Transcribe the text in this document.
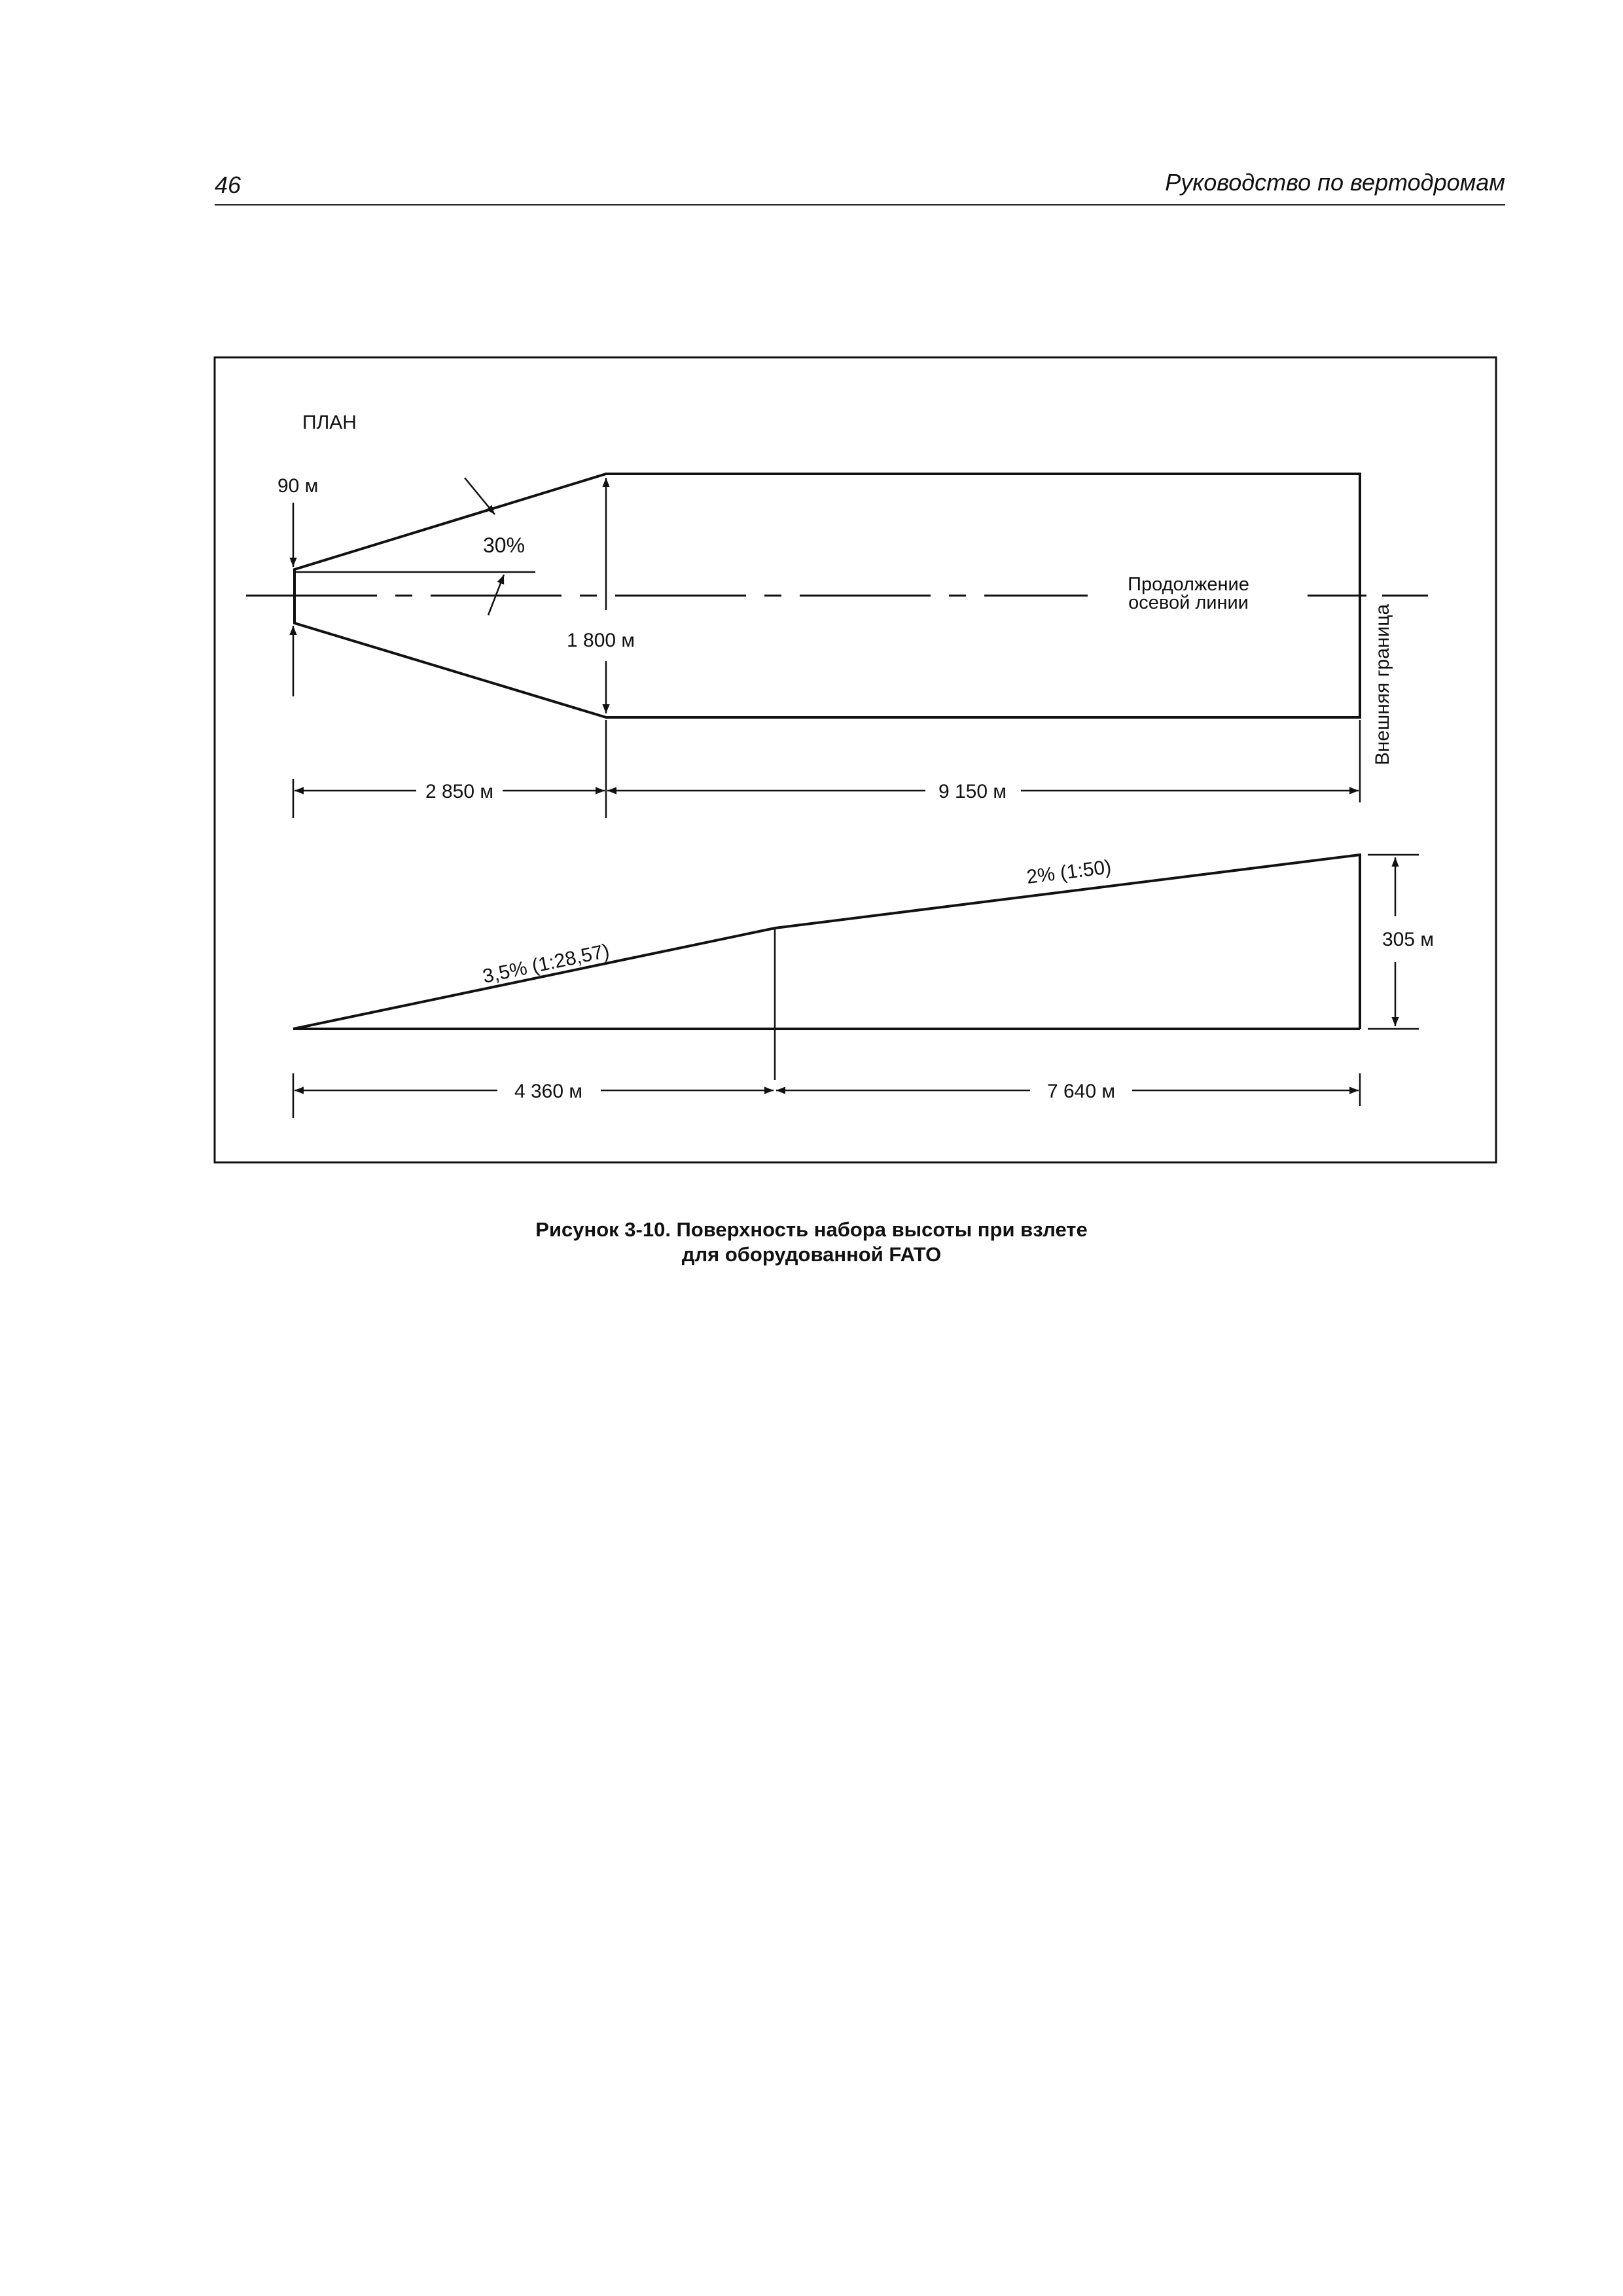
46	Руководство по вертодромам
ПЛАН
Продолжение
осевой линии
90 м
30%
1 800 м	Внешняя граница
2 850 м	9 150 м
3,5% (1:28,57)
2% (1:50)
305 м
4 360 м	7 640 м
Рисунок 3-10. Поверхность набора высоты при взлете
для оборудованной FATO
